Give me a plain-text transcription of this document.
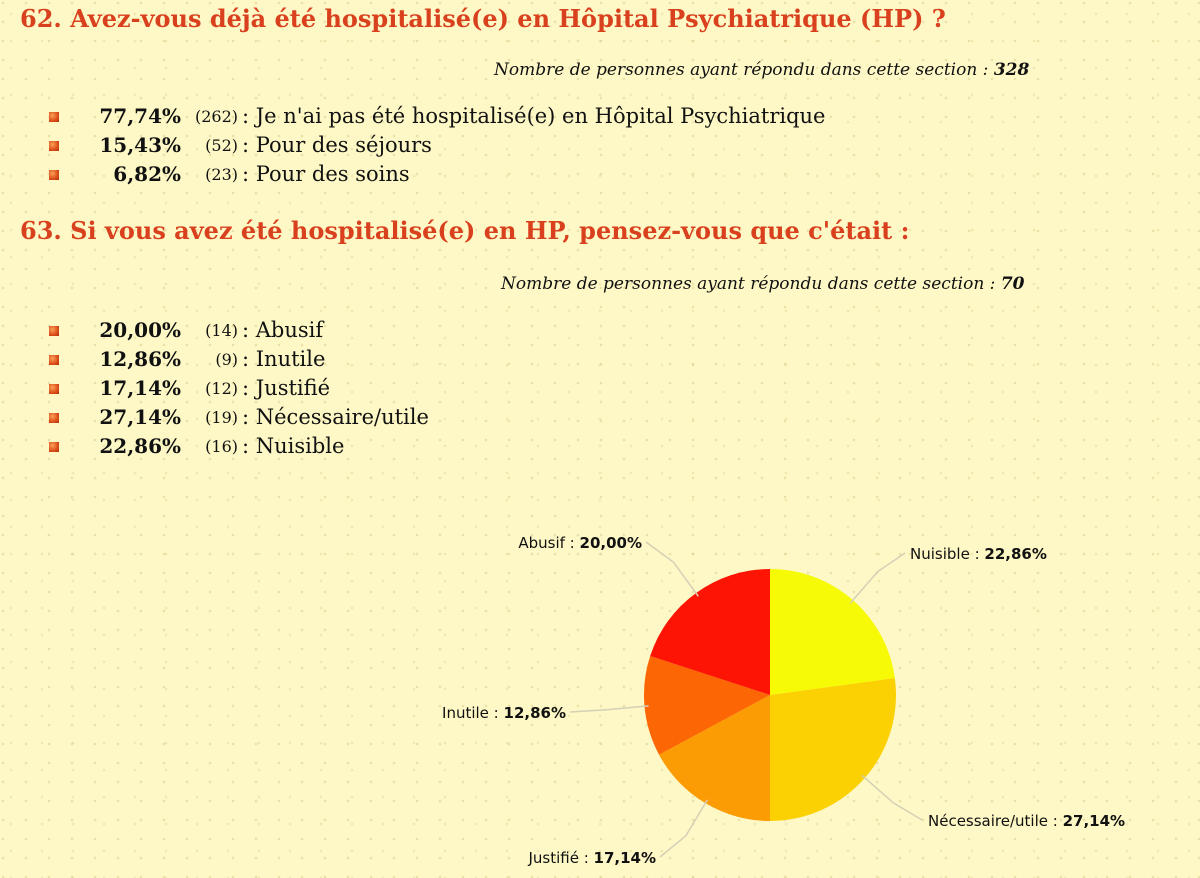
62. Avez-vous déjà été hospitalisé(e) en Hôpital Psychiatrique (HP) ?
Nombre de personnes ayant répondu dans cette section : 328
77,74% (262) : Je n'ai pas été hospitalisé(e) en Hôpital Psychiatrique
15,43%	(52) : Pour des séjours
6,82%	(23) : Pour des soins
63. Si vous avez été hospitalisé(e) en HP, pensez-vous que c'était :
Nombre de personnes ayant répondu dans cette section : 70
20,00%	(14) : Abusif
12,86%	(9) : Inutile
17,14%	(12) : Justifié
27,14%	(19) : Nécessaire/utile
22,86%	(16) : Nuisible
Nuisible : 22,86%
Nécessaire/utile : 27,14%
Justifié : 17,14%
Inutile : 12,86%
Abusif : 20,00%
